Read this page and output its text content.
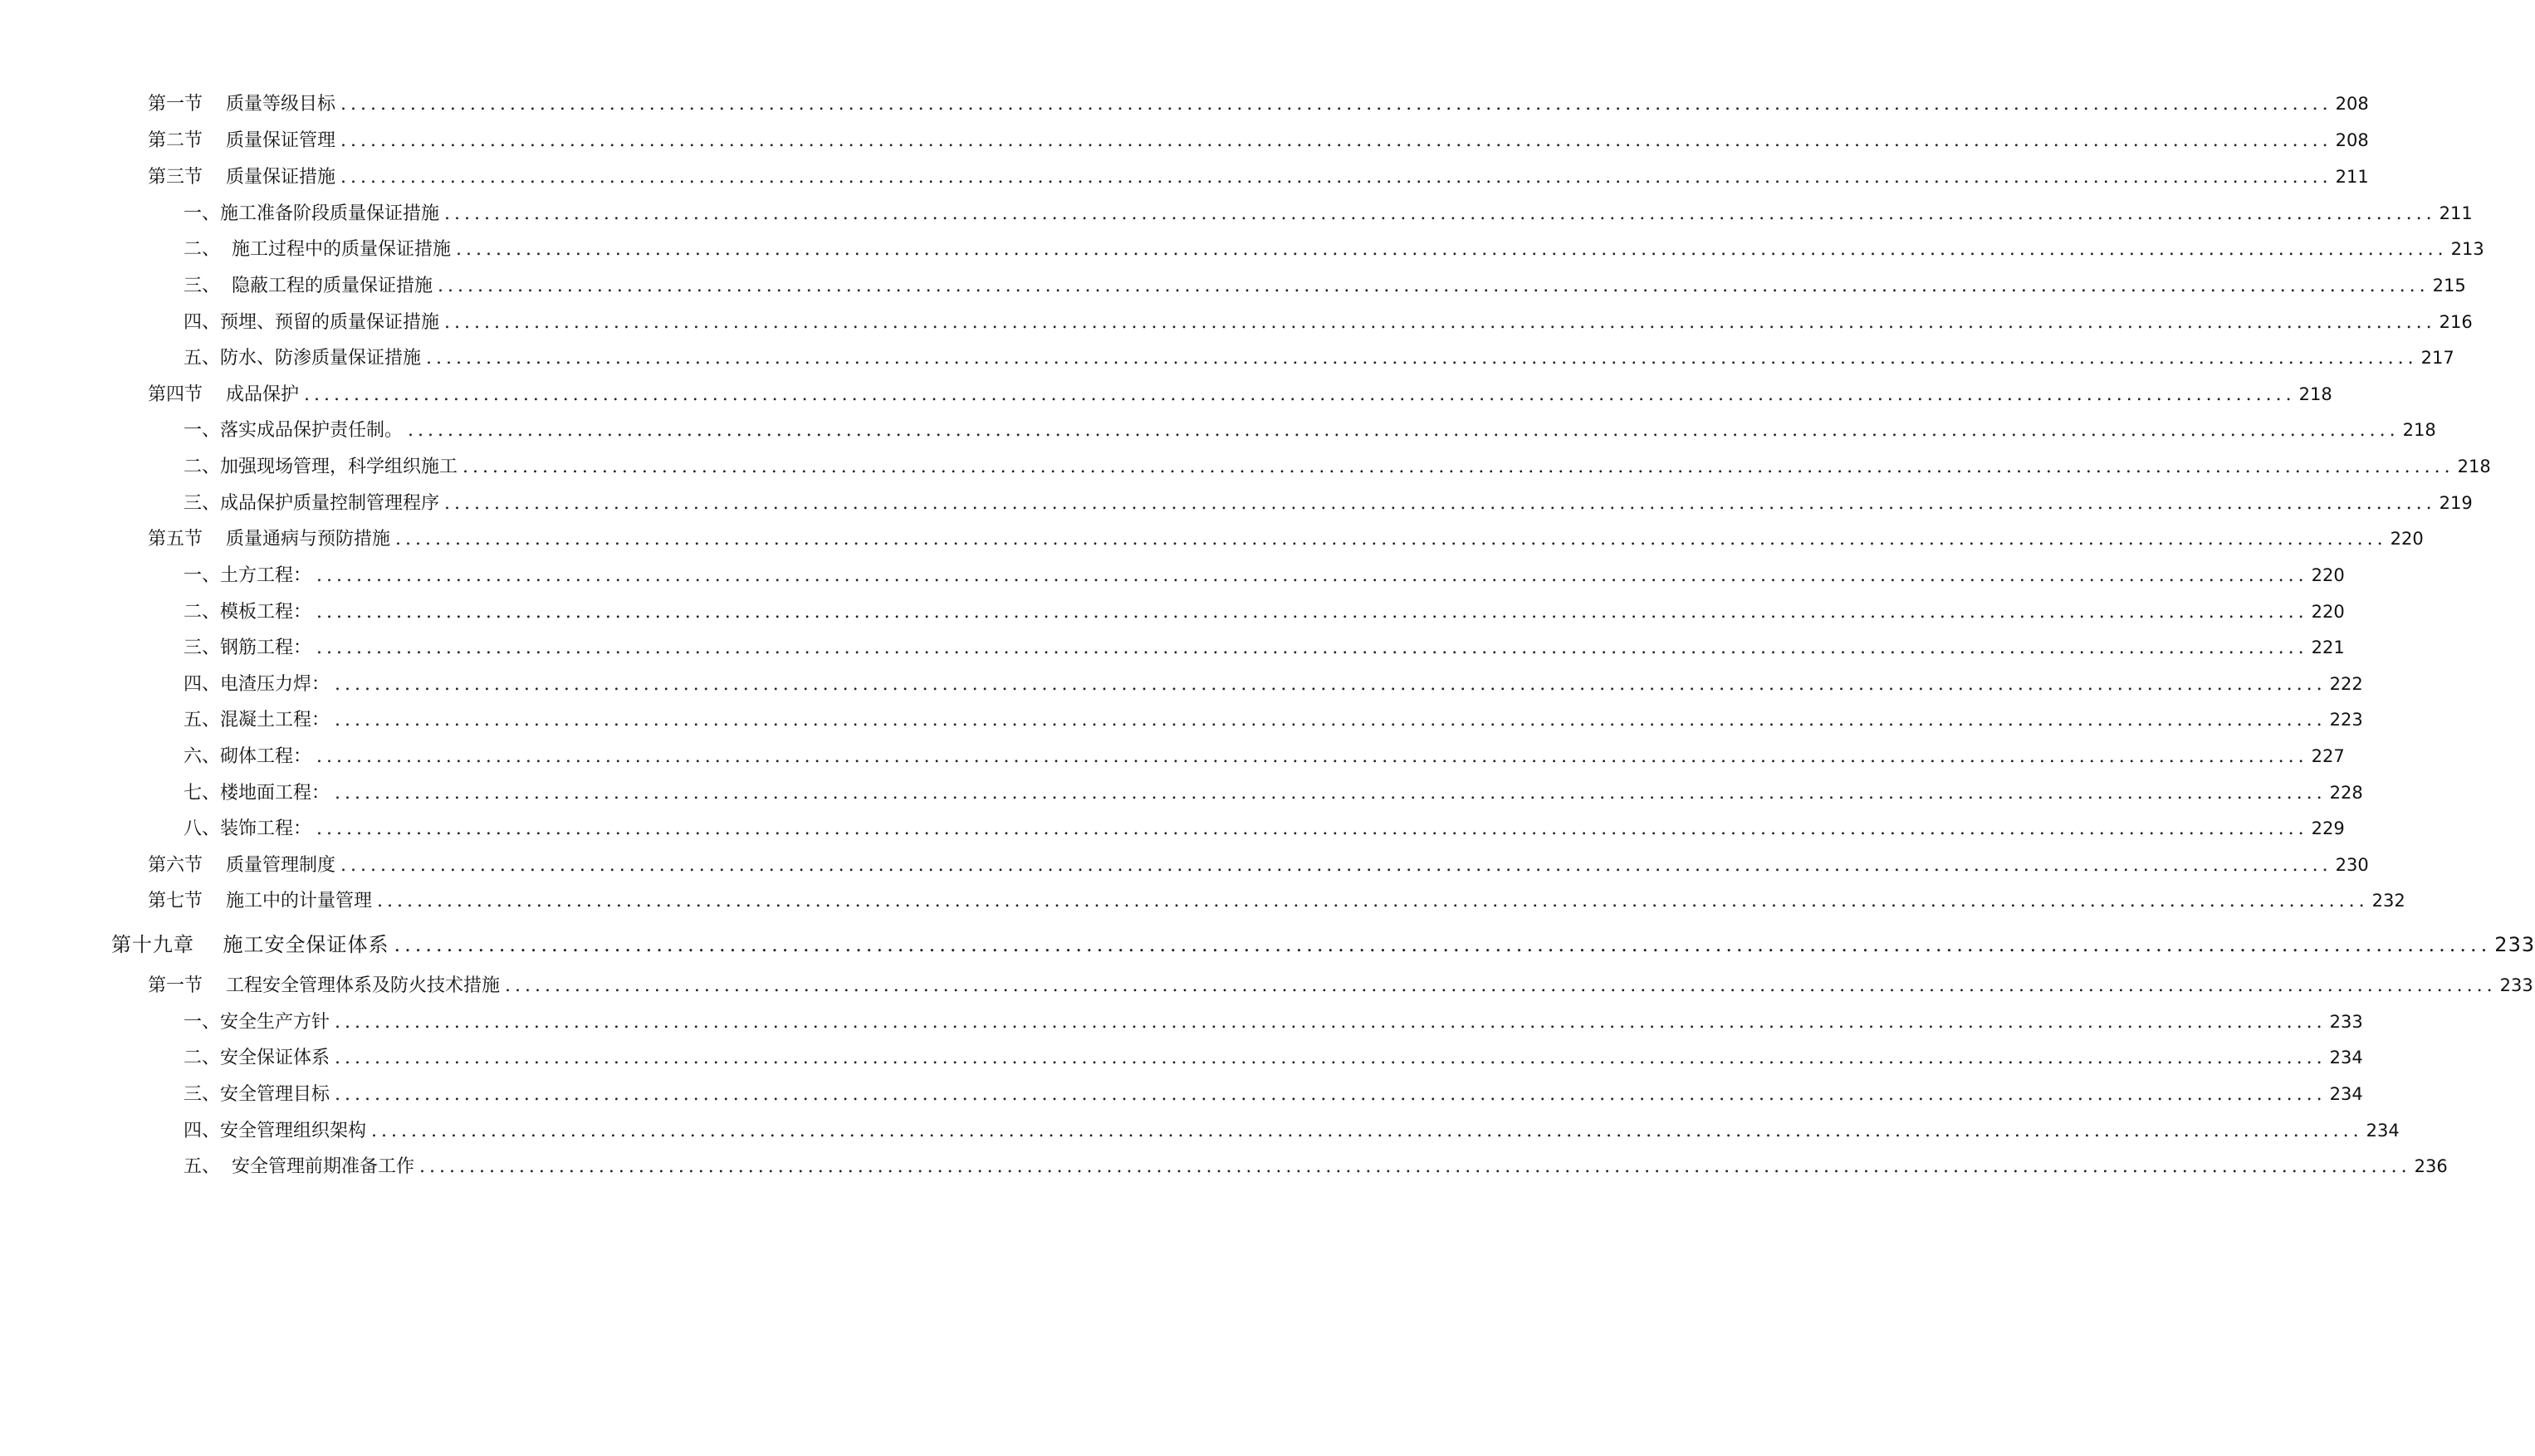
第一节    质量等级目标 ........................................................................................................................................................................................................ 208
第二节    质量保证管理 ........................................................................................................................................................................................................ 208
第三节    质量保证措施 ........................................................................................................................................................................................................ 211
一、施工准备阶段质量保证措施 ........................................................................................................................................................................................................ 211
二、  施工过程中的质量保证措施 ........................................................................................................................................................................................................ 213
三、  隐蔽工程的质量保证措施 ........................................................................................................................................................................................................ 215
四、预埋、预留的质量保证措施 ........................................................................................................................................................................................................ 216
五、防水、防渗质量保证措施 ........................................................................................................................................................................................................ 217
第四节    成品保护 ........................................................................................................................................................................................................ 218
一、落实成品保护责任制。 ........................................................................................................................................................................................................ 218
二、加强现场管理，科学组织施工 ........................................................................................................................................................................................................ 218
三、成品保护质量控制管理程序 ........................................................................................................................................................................................................ 219
第五节    质量通病与预防措施 ........................................................................................................................................................................................................ 220
一、土方工程： ........................................................................................................................................................................................................ 220
二、模板工程： ........................................................................................................................................................................................................ 220
三、钢筋工程： ........................................................................................................................................................................................................ 221
四、电渣压力焊： ........................................................................................................................................................................................................ 222
五、混凝土工程： ........................................................................................................................................................................................................ 223
六、砌体工程： ........................................................................................................................................................................................................ 227
七、楼地面工程： ........................................................................................................................................................................................................ 228
八、装饰工程： ........................................................................................................................................................................................................ 229
第六节    质量管理制度 ........................................................................................................................................................................................................ 230
第七节    施工中的计量管理 ........................................................................................................................................................................................................ 232
第十九章    施工安全保证体系 ........................................................................................................................................................................................................ 233
第一节    工程安全管理体系及防火技术措施 ........................................................................................................................................................................................................ 233
一、安全生产方针 ........................................................................................................................................................................................................ 233
二、安全保证体系 ........................................................................................................................................................................................................ 234
三、安全管理目标 ........................................................................................................................................................................................................ 234
四、安全管理组织架构 ........................................................................................................................................................................................................ 234
五、  安全管理前期准备工作 ........................................................................................................................................................................................................ 236
